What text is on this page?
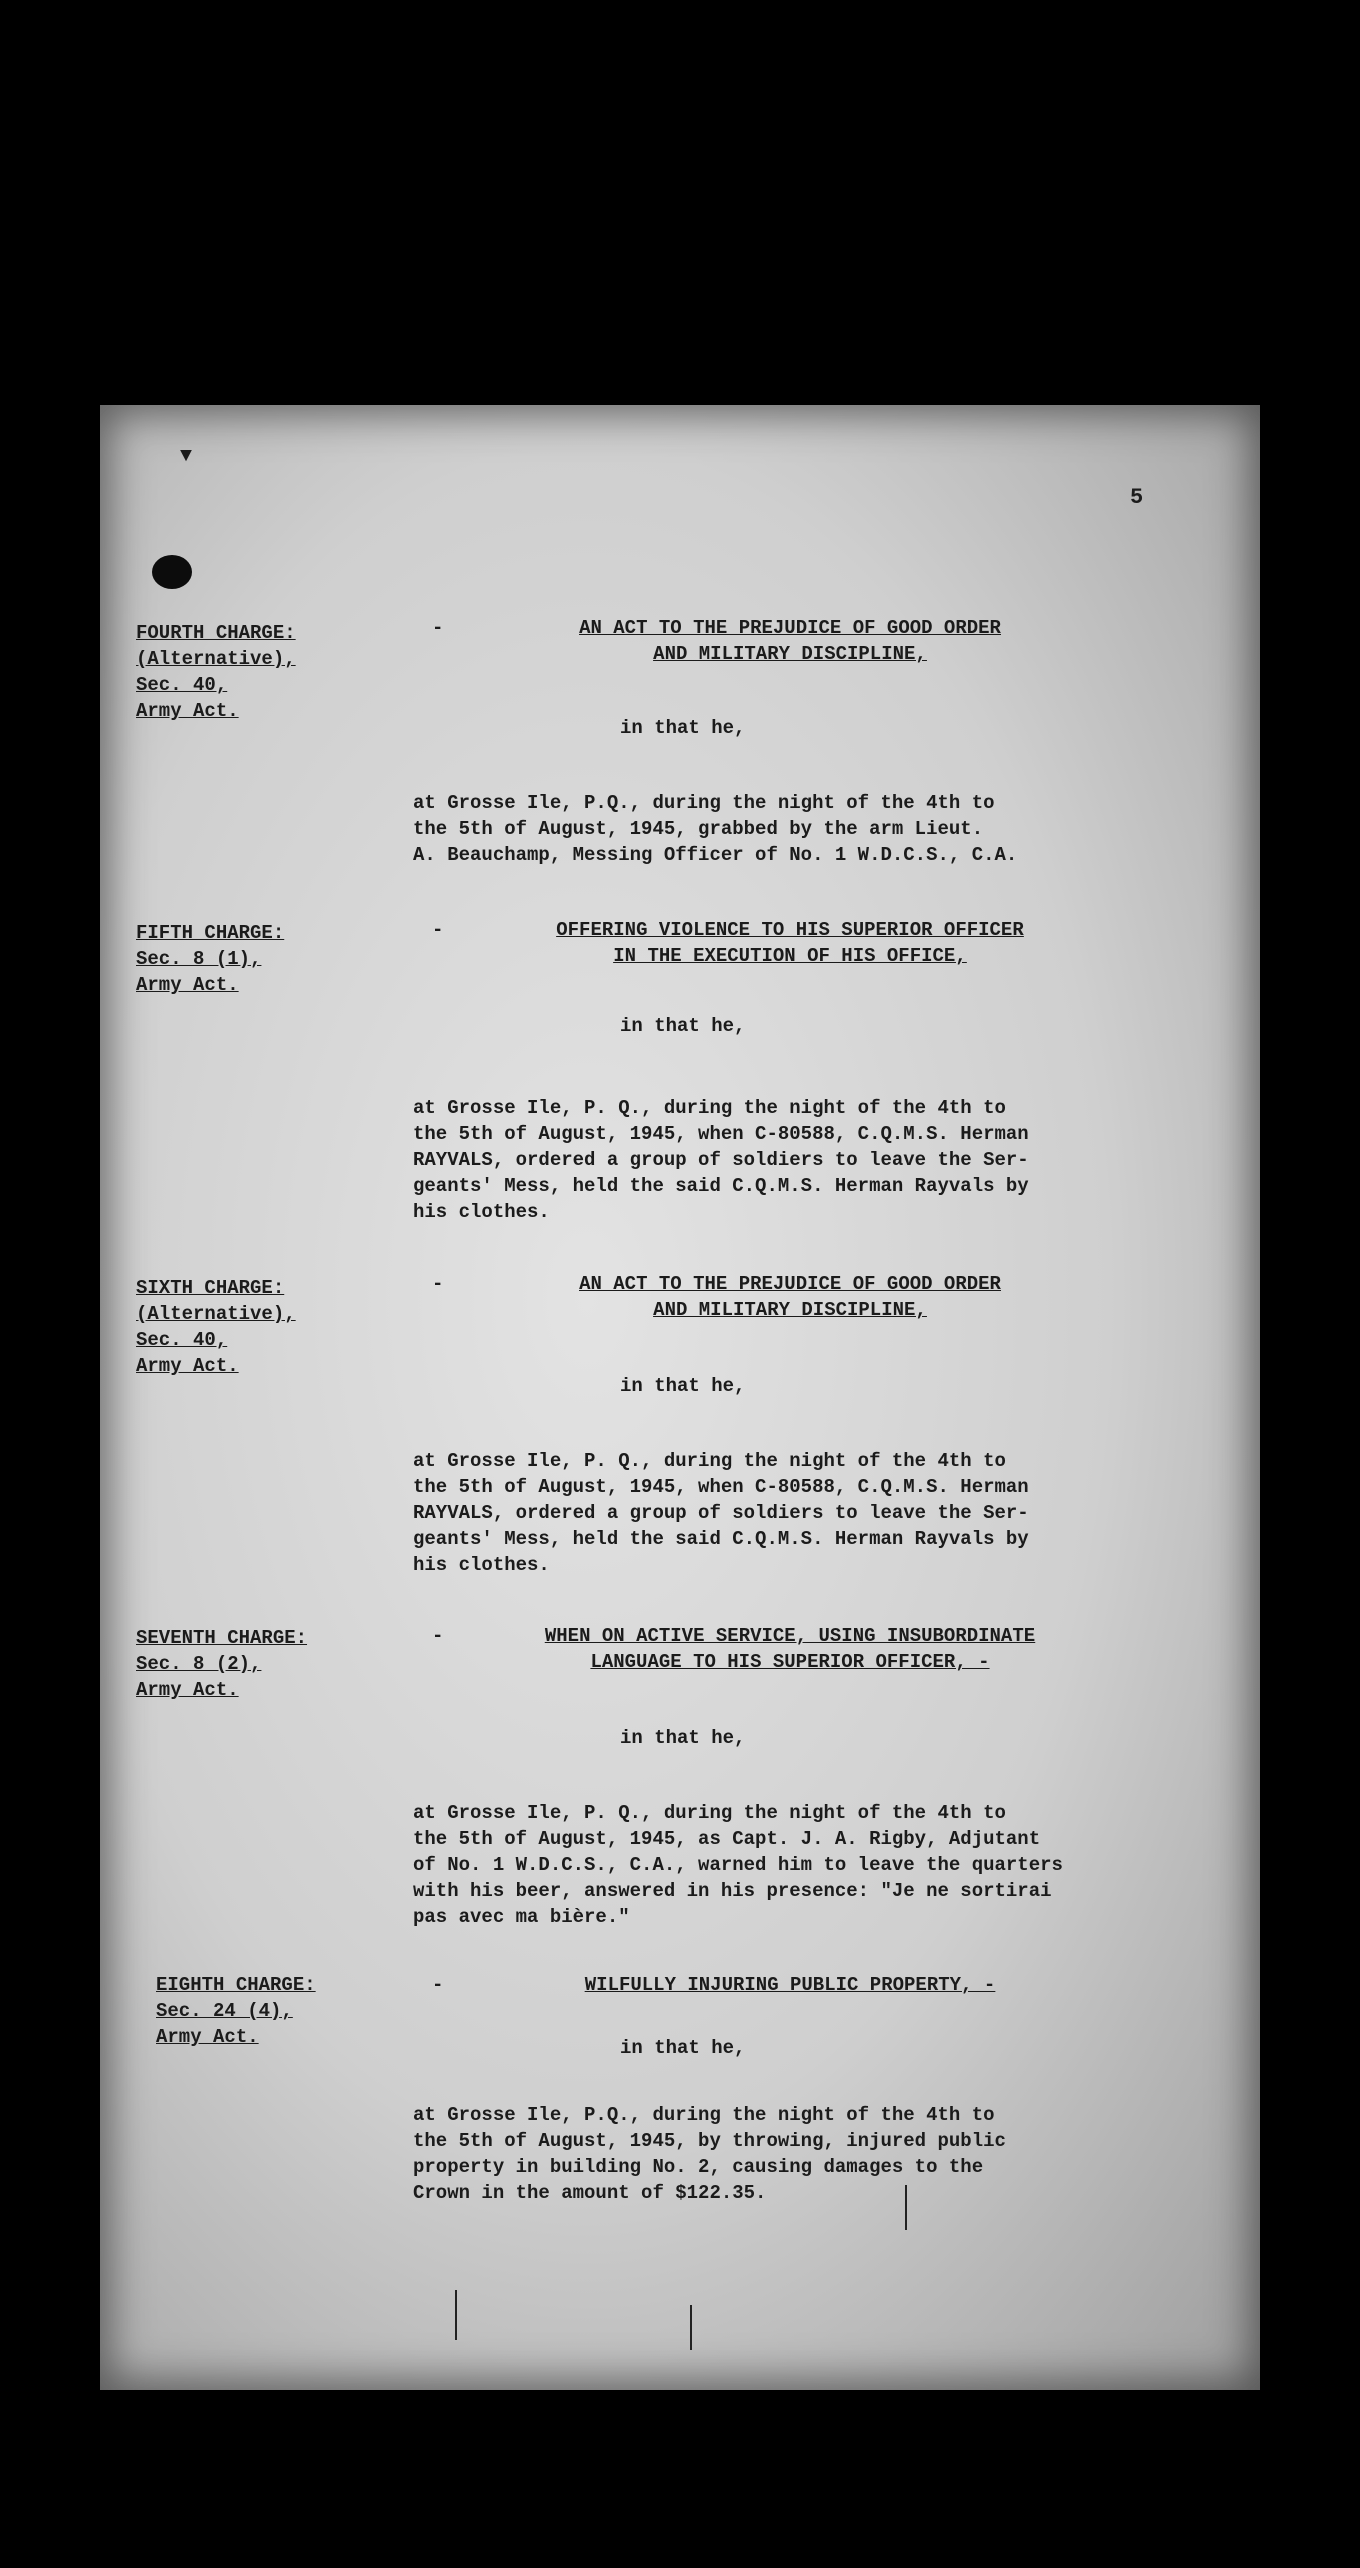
▼
5
FOURTH CHARGE:
(Alternative),
Sec. 40,
Army Act.
-	AN ACT TO THE PREJUDICE OF GOOD ORDER
AND MILITARY DISCIPLINE,
in that he,
at Grosse Ile, P.Q., during the night of the 4th to
the 5th of August, 1945, grabbed by the arm Lieut.
A. Beauchamp, Messing Officer of No. 1 W.D.C.S., C.A.
FIFTH CHARGE:
Sec. 8 (1),
Army Act.
-	OFFERING VIOLENCE TO HIS SUPERIOR OFFICER
IN THE EXECUTION OF HIS OFFICE,
in that he,
at Grosse Ile, P. Q., during the night of the 4th to
the 5th of August, 1945, when C-80588, C.Q.M.S. Herman
RAYVALS, ordered a group of soldiers to leave the Ser-
geants' Mess, held the said C.Q.M.S. Herman Rayvals by
his clothes.
SIXTH CHARGE:
(Alternative),
Sec. 40,
Army Act.
-	AN ACT TO THE PREJUDICE OF GOOD ORDER
AND MILITARY DISCIPLINE,
in that he,
at Grosse Ile, P. Q., during the night of the 4th to
the 5th of August, 1945, when C-80588, C.Q.M.S. Herman
RAYVALS, ordered a group of soldiers to leave the Ser-
geants' Mess, held the said C.Q.M.S. Herman Rayvals by
his clothes.
SEVENTH CHARGE:
Sec. 8 (2),
Army Act.
-	WHEN ON ACTIVE SERVICE, USING INSUBORDINATE
LANGUAGE TO HIS SUPERIOR OFFICER, -
in that he,
at Grosse Ile, P. Q., during the night of the 4th to
the 5th of August, 1945, as Capt. J. A. Rigby, Adjutant
of No. 1 W.D.C.S., C.A., warned him to leave the quarters
with his beer, answered in his presence: "Je ne sortirai
pas avec ma bière."
EIGHTH CHARGE:
Sec. 24 (4),
Army Act.
-	WILFULLY INJURING PUBLIC PROPERTY, -
in that he,
at Grosse Ile, P.Q., during the night of the 4th to
the 5th of August, 1945, by throwing, injured public
property in building No. 2, causing damages to the
Crown in the amount of $122.35.
